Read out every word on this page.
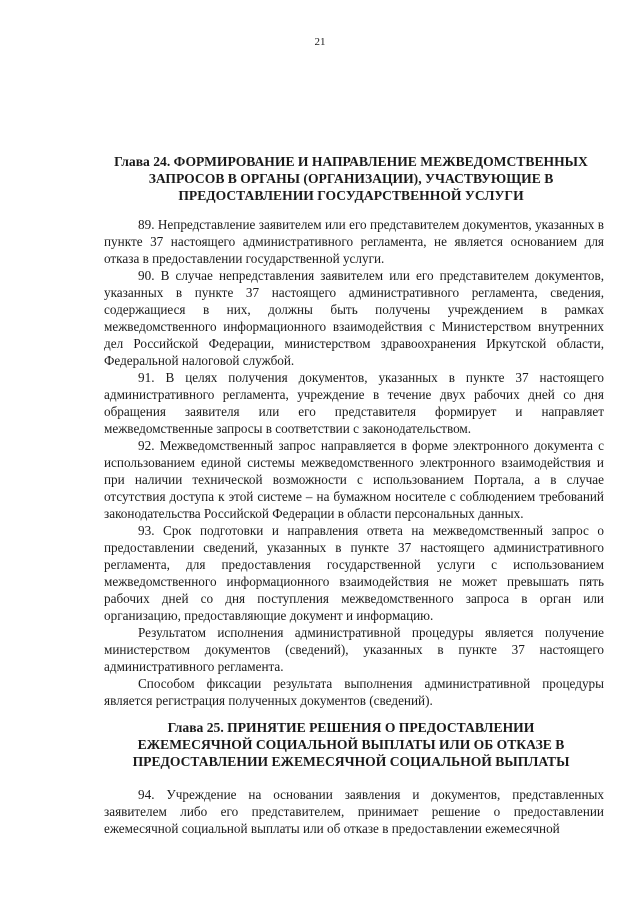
21
Глава 24. ФОРМИРОВАНИЕ И НАПРАВЛЕНИЕ МЕЖВЕДОМСТВЕННЫХ
ЗАПРОСОВ В ОРГАНЫ (ОРГАНИЗАЦИИ), УЧАСТВУЮЩИЕ В
ПРЕДОСТАВЛЕНИИ ГОСУДАРСТВЕННОЙ УСЛУГИ

89. Непредставление заявителем или его представителем документов, указанных в пункте 37 настоящего административного регламента, не является основанием для отказа в предоставлении государственной услуги.

90. В случае непредставления заявителем или его представителем документов, указанных в пункте 37 настоящего административного регламента, сведения, содержащиеся в них, должны быть получены учреждением в рамках межведомственного информационного взаимодействия с Министерством внутренних дел Российской Федерации, министерством здравоохранения Иркутской области, Федеральной налоговой службой.

91. В целях получения документов, указанных в пункте 37 настоящего административного регламента, учреждение в течение двух рабочих дней со дня обращения заявителя или его представителя формирует и направляет межведомственные запросы в соответствии с законодательством.

92. Межведомственный запрос направляется в форме электронного документа с использованием единой системы межведомственного электронного взаимодействия и при наличии технической возможности с использованием Портала, а в случае отсутствия доступа к этой системе – на бумажном носителе с соблюдением требований законодательства Российской Федерации в области персональных данных.

93. Срок подготовки и направления ответа на межведомственный запрос о предоставлении сведений, указанных в пункте 37 настоящего административного регламента, для предоставления государственной услуги с использованием межведомственного информационного взаимодействия не может превышать пять рабочих дней со дня поступления межведомственного запроса в орган или организацию, предоставляющие документ и информацию.

Результатом исполнения административной процедуры является получение министерством документов (сведений), указанных в пункте 37 настоящего административного регламента.

Способом фиксации результата выполнения административной процедуры является регистрация полученных документов (сведений).

Глава 25. ПРИНЯТИЕ РЕШЕНИЯ О ПРЕДОСТАВЛЕНИИ
ЕЖЕМЕСЯЧНОЙ СОЦИАЛЬНОЙ ВЫПЛАТЫ ИЛИ ОБ ОТКАЗЕ В
ПРЕДОСТАВЛЕНИИ ЕЖЕМЕСЯЧНОЙ СОЦИАЛЬНОЙ ВЫПЛАТЫ

94. Учреждение на основании заявления и документов, представленных заявителем либо его представителем, принимает решение о предоставлении ежемесячной социальной выплаты или об отказе в предоставлении ежемесячной
